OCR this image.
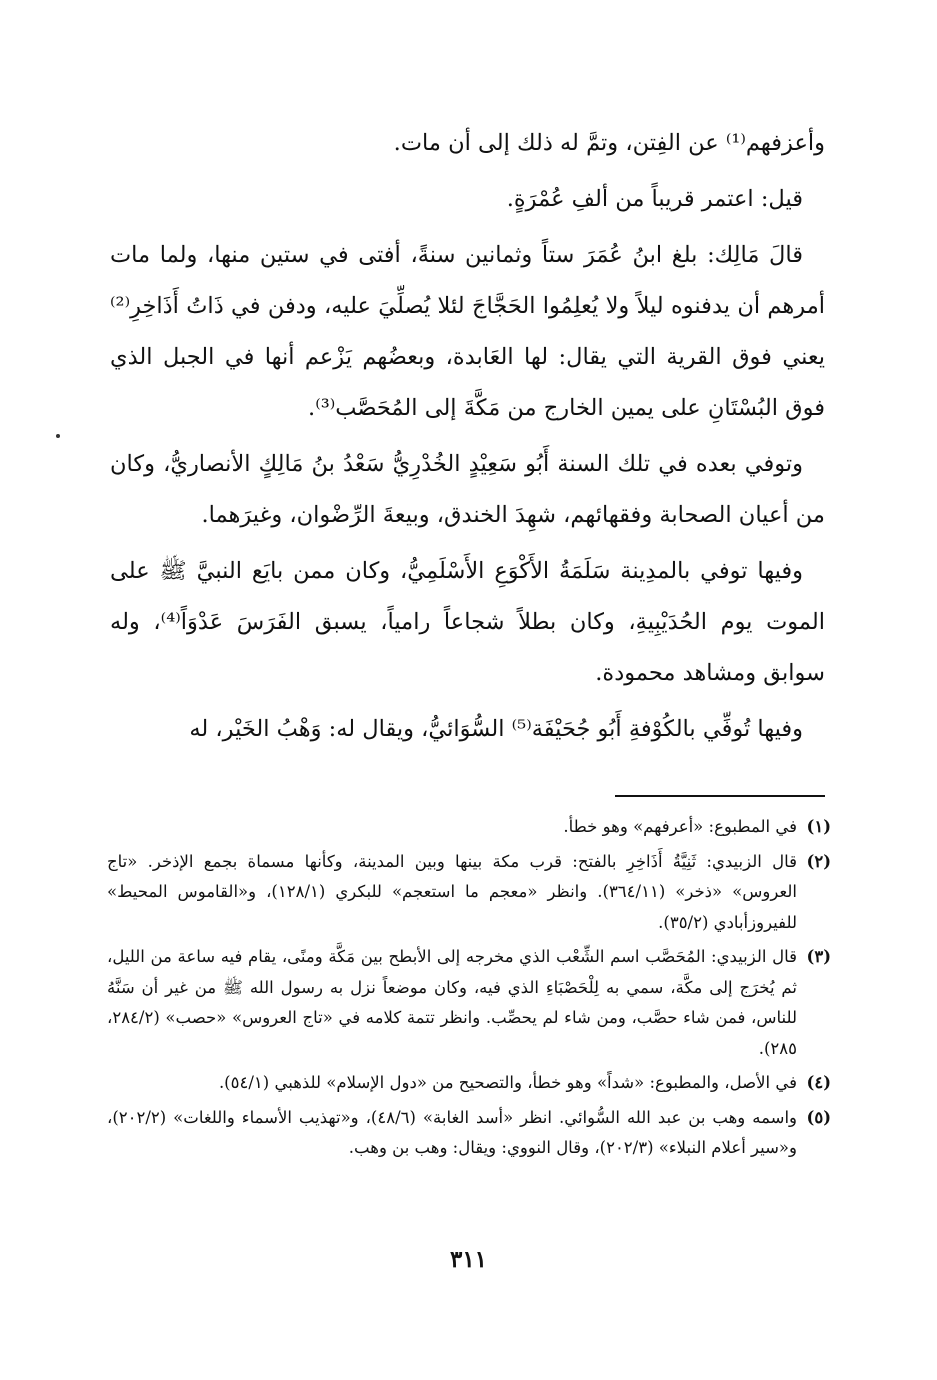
وأعزفهم⁽¹⁾ عن الفِتن، وتمَّ له ذلك إلى أن مات.

قيل: اعتمر قريباً من ألفِ عُمْرَةٍ.

قالَ مَالِك: بلغ ابنُ عُمَرَ ستاً وثمانين سنةً، أفتى في ستين منها، ولما مات أمرهم أن يدفنوه ليلاً ولا يُعلِمُوا الحَجَّاجَ لئلا يُصلِّيَ عليه، ودفن في ذَاتُ أَذَاخِرِ⁽²⁾ يعني فوق القرية التي يقال: لها العَابدة، وبعضُهم يَزْعم أنها في الجبل الذي فوق البُسْتَانِ على يمين الخارج من مَكَّةَ إلى المُحَصَّب⁽³⁾.

وتوفي بعده في تلك السنة أَبُو سَعِيْدٍ الخُدْرِيُّ سَعْدُ بنُ مَالِكٍ الأنصاريُّ، وكان من أعيان الصحابة وفقهائهم، شهِدَ الخندق، وبيعةَ الرِّضْوان، وغيرَهما.

وفيها توفي بالمدِينة سَلَمَةُ الأَكْوَعِ الأَسْلَمِيُّ، وكان ممن بايَع النبيَّ ﷺ على الموت يوم الحُدَيْبِيةِ، وكان بطلاً شجاعاً رامياً، يسبق الفَرَسَ عَدْوَاً⁽⁴⁾، وله سوابق ومشاهد محمودة.

وفيها تُوفِّي بالكُوْفةِ أَبُو جُحَيْفَة⁽⁵⁾ السُّوَائيُّ، ويقال له: وَهْبُ الخَيْر، له

(١)
في المطبوع: «أعرفهم» وهو خطأ.
(٢)
قال الزبيدي: ثَنِيَّةُ أَذَاخِرِ بالفتح: قرب مكة بينها وبين المدينة، وكأنها مسماة بجمع الإذخر. «تاج العروس» «ذخر» (٣٦٤/١١). وانظر «معجم ما استعجم» للبكري (١٢٨/١)، و«القاموس المحيط» للفيروزأبادي (٣٥/٢).
(٣)
قال الزبيدي: المُحَصَّب اسم الشِّعْب الذي مخرجه إلى الأبطح بين مَكَّة ومنًى، يقام فيه ساعة من الليل، ثم يُخرَج إلى مكَّة، سمي به لِلْحَصْبَاءِ الذي فيه، وكان موضعاً نزل به رسول الله ﷺ من غير أن سَنَّهُ للناس، فمن شاء حصَّب، ومن شاء لم يحصِّب. وانظر تتمة كلامه في «تاج العروس» «حصب» (٢٨٤/٢، ٢٨٥).
(٤)
في الأصل، والمطبوع: «شداً» وهو خطأ، والتصحيح من «دول الإسلام» للذهبي (٥٤/١).
(٥)
واسمه وهب بن عبد الله السُّوائي. انظر «أسد الغابة» (٤٨/٦)، و«تهذيب الأسماء واللغات» (٢٠٢/٢)، و«سير أعلام النبلاء» (٢٠٢/٣)، وقال النووي: ويقال: وهب بن وهب.
٣١١
